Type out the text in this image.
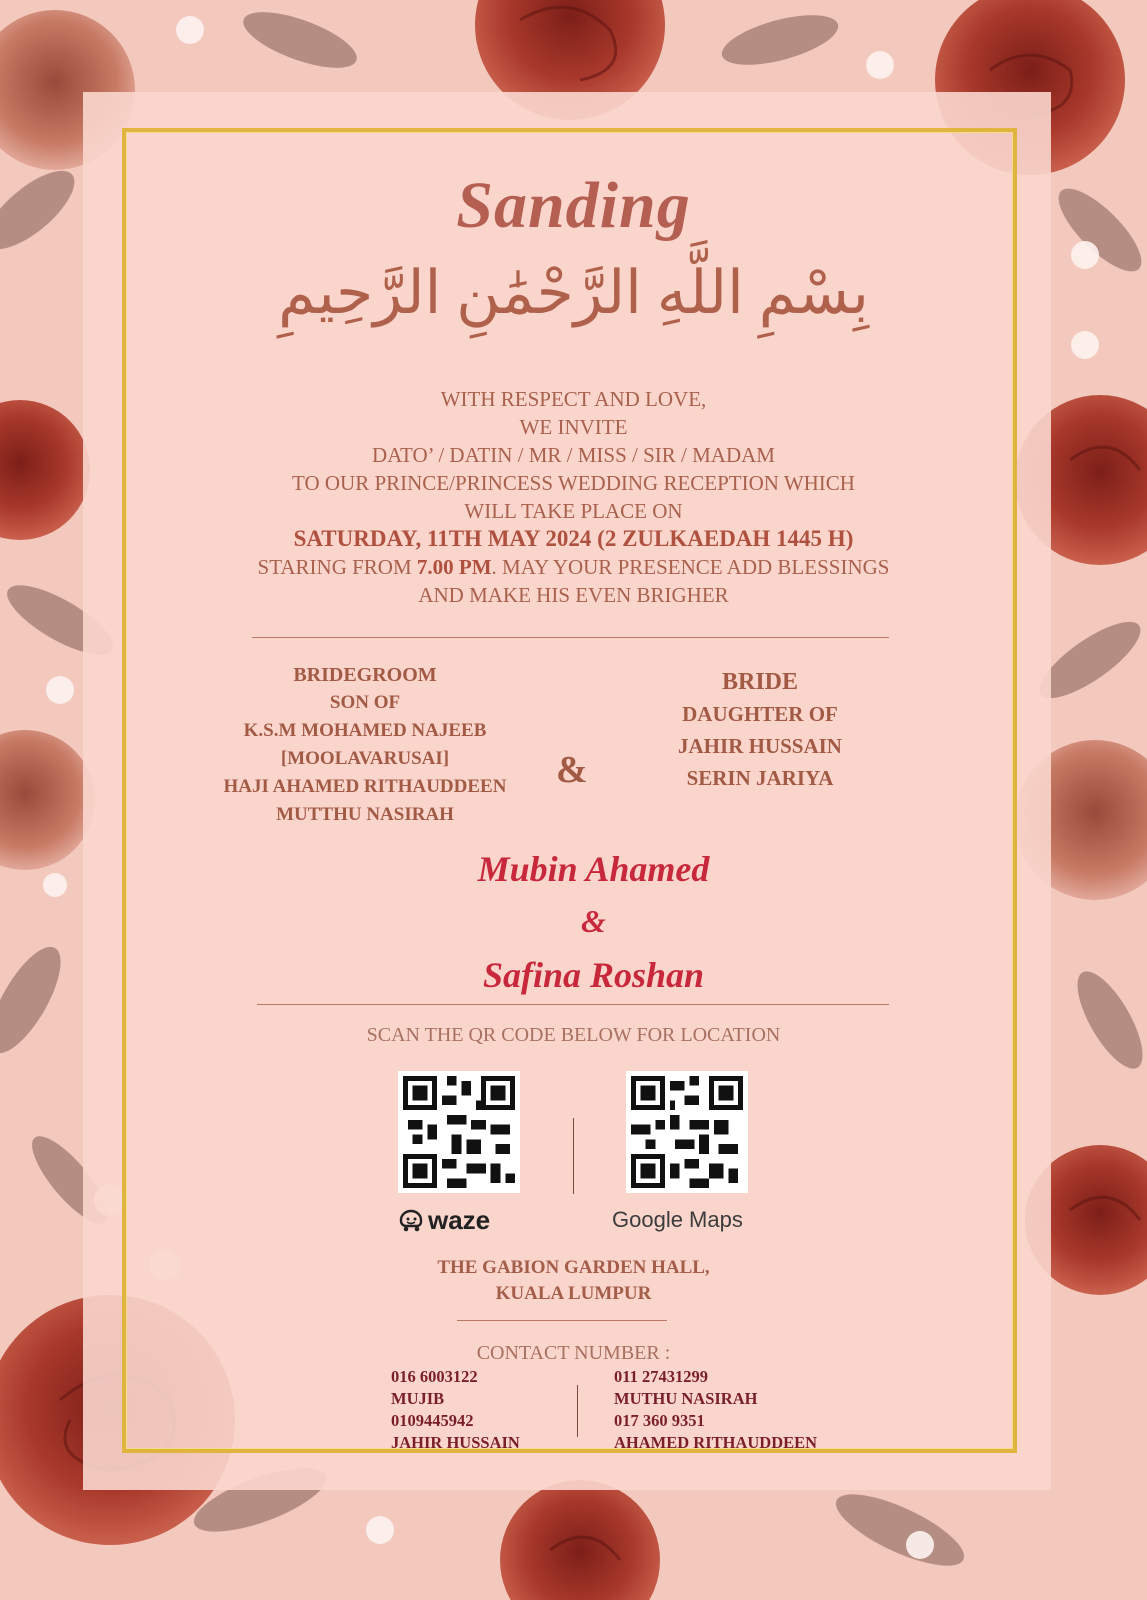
Sanding
بِسْمِ اللَّهِ الرَّحْمَٰنِ الرَّحِيمِ
WITH RESPECT AND LOVE,
WE INVITE
DATO’ / DATIN / MR / MISS / SIR / MADAM
TO OUR PRINCE/PRINCESS WEDDING RECEPTION WHICH
WILL TAKE PLACE ON
SATURDAY, 11TH MAY 2024 (2 ZULKAEDAH 1445 H)
STARING FROM 7.00 PM. MAY YOUR PRESENCE ADD BLESSINGS
AND MAKE HIS EVEN BRIGHER
BRIDEGROOM
SON OF
K.S.M MOHAMED NAJEEB
[MOOLAVARUSAI]
HAJI AHAMED RITHAUDDEEN
MUTTHU NASIRAH
&
BRIDE
DAUGHTER OF
JAHIR HUSSAIN
SERIN JARIYA
Mubin Ahamed
&
Safina Roshan
SCAN THE QR CODE BELOW FOR LOCATION
waze	Google Maps
THE GABION GARDEN HALL,
KUALA LUMPUR
CONTACT NUMBER :
016 6003122
MUJIB
0109445942
JAHIR HUSSAIN
011 27431299
MUTHU NASIRAH
017 360 9351
AHAMED RITHAUDDEEN
